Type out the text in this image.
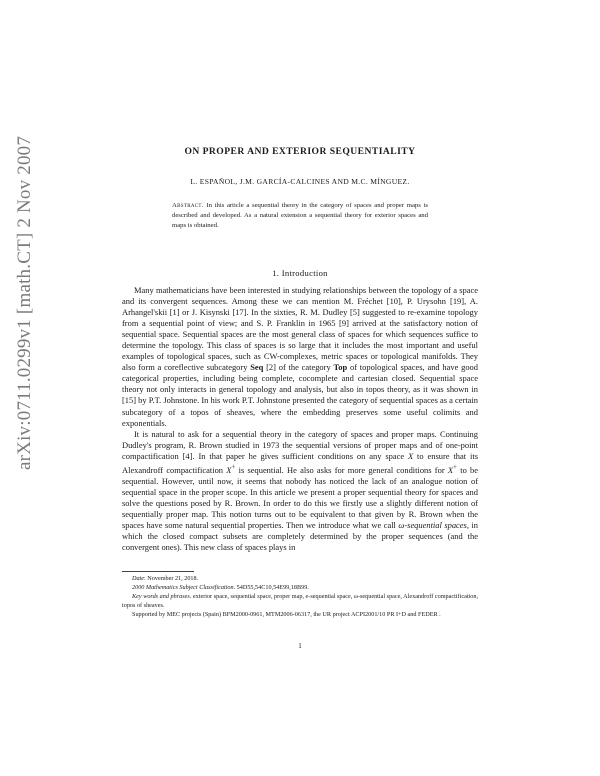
arXiv:0711.0299v1 [math.CT] 2 Nov 2007	ON PROPER AND EXTERIOR SEQUENTIALITY
L. ESPAÑOL, J.M. GARCÍA-CALCINES AND M.C. MÍNGUEZ.
Abstract. In this article a sequential theory in the category of spaces and proper maps is described and developed. As a natural extension a sequential theory for exterior spaces and maps is obtained.
1. Introduction

Many mathematicians have been interested in studying relationships between the topology of a space and its convergent sequences. Among these we can mention M. Fréchet [10], P. Urysohn [19], A. Arhangel'skii [1] or J. Kisynski [17]. In the sixties, R. M. Dudley [5] suggested to re-examine topology from a sequential point of view; and S. P. Franklin in 1965 [9] arrived at the satisfactory notion of sequential space. Sequential spaces are the most general class of spaces for which sequences suffice to determine the topology. This class of spaces is so large that it includes the most important and useful examples of topological spaces, such as CW-complexes, metric spaces or topological manifolds. They also form a coreflective subcategory Seq [2] of the category Top of topological spaces, and have good categorical properties, including being complete, cocomplete and cartesian closed. Sequential space theory not only interacts in general topology and analysis, but also in topos theory, as it was shown in [15] by P.T. Johnstone. In his work P.T. Johnstone presented the category of sequential spaces as a certain subcategory of a topos of sheaves, where the embedding preserves some useful colimits and exponentials.

It is natural to ask for a sequential theory in the category of spaces and proper maps. Continuing Dudley's program, R. Brown studied in 1973 the sequential versions of proper maps and of one-point compactification [4]. In that paper he gives sufficient conditions on any space X to ensure that its Alexandroff compactification X+ is sequential. He also asks for more general conditions for X+ to be sequential. However, until now, it seems that nobody has noticed the lack of an analogue notion of sequential space in the proper scope. In this article we present a proper sequential theory for spaces and solve the questions posed by R. Brown. In order to do this we firstly use a slightly different notion of sequentially proper map. This notion turns out to be equivalent to that given by R. Brown when the spaces have some natural sequential properties. Then we introduce what we call ω-sequential spaces, in which the closed compact subsets are completely determined by the proper sequences (and the convergent ones). This new class of spaces plays in

Date: November 21, 2018.

2000 Mathematics Subject Classification. 54D55,54C10,54E99,18B99.

Key words and phrases. exterior space, sequential space, proper map, e-sequential space, ω-sequential space, Alexandroff compactification, topos of sheaves.

Supported by MEC projects (Spain) BFM2000-0961, MTM2006-06317, the UR project ACPI2001/10 PR I+D and FEDER .

1
